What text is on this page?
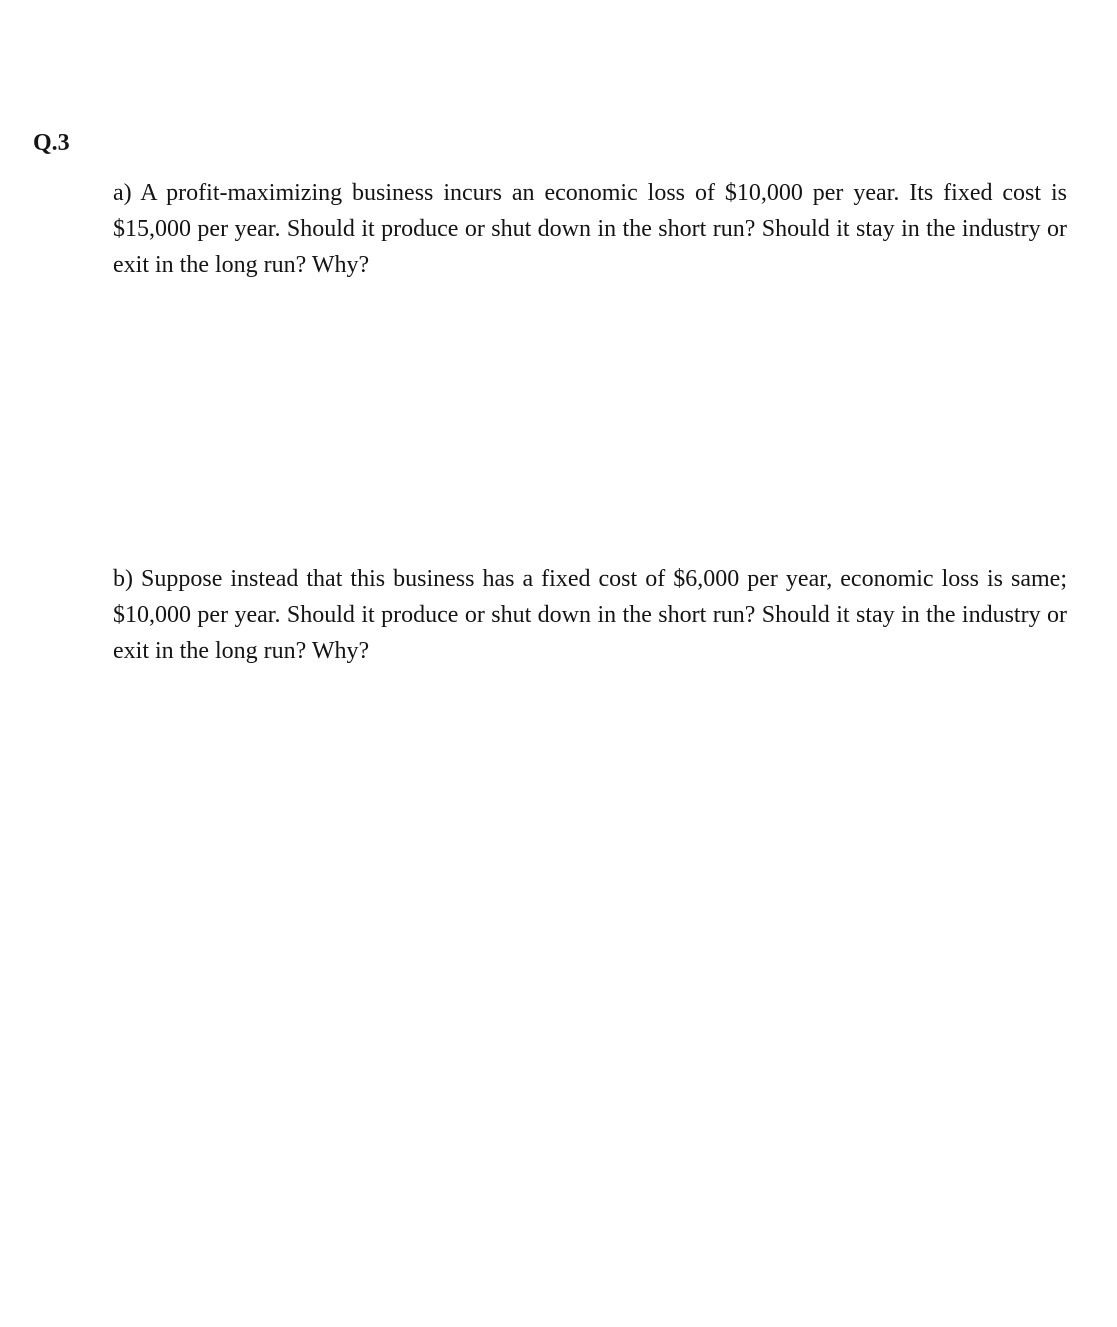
Q.3

a) A profit-maximizing business incurs an economic loss of $10,000 per year. Its fixed cost is $15,000 per year. Should it produce or shut down in the short run? Should it stay in the industry or exit in the long run? Why?

b) Suppose instead that this business has a fixed cost of $6,000 per year, economic loss is same; $10,000 per year. Should it produce or shut down in the short run? Should it stay in the industry or exit in the long run? Why?
